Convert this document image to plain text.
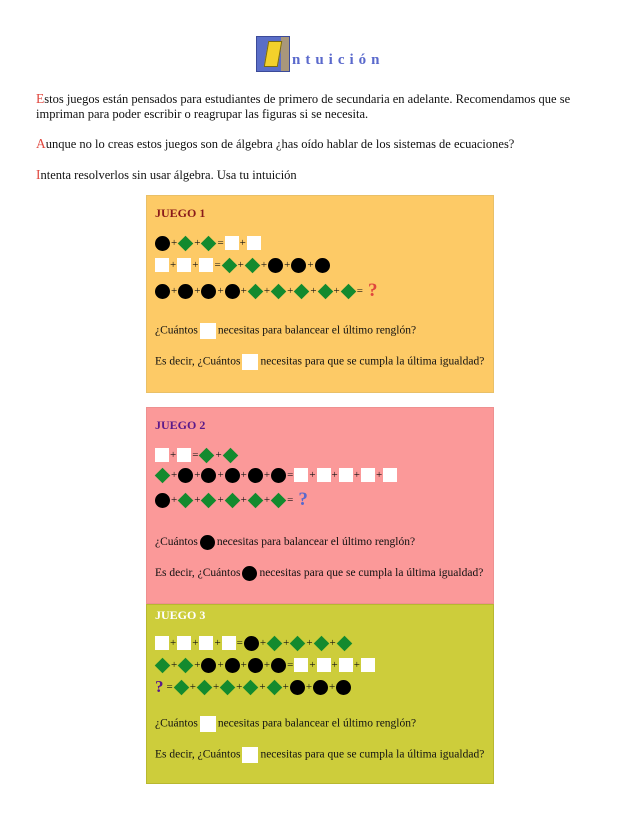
ntuición
Estos juegos están pensados para estudiantes de primero de secundaria en adelante. Recomendamos que se impriman para poder escribir o reagrupar las figuras si se necesita.
Aunque no lo creas estos juegos son de álgebra ¿has oído hablar de los sistemas de ecuaciones?
Intenta resolverlos sin usar álgebra. Usa tu intuición
JUEGO 1
+ + = +
+ + = + + + +
+ + + + + + + + = ?
¿Cuántos necesitas para balancear el último renglón?
Es decir, ¿Cuántos necesitas para que se cumpla la última igualdad?
JUEGO 2
+ = +
+ + + + + = + + + +
+ + + + + = ?
¿Cuántos necesitas para balancear el último renglón?
Es decir, ¿Cuántos necesitas para que se cumpla la última igualdad?
JUEGO 3
+ + + = + + + +
+ + + + + = + + +
? = + + + + + + +
¿Cuántos necesitas para balancear el último renglón?
Es decir, ¿Cuántos necesitas para que se cumpla la última igualdad?
